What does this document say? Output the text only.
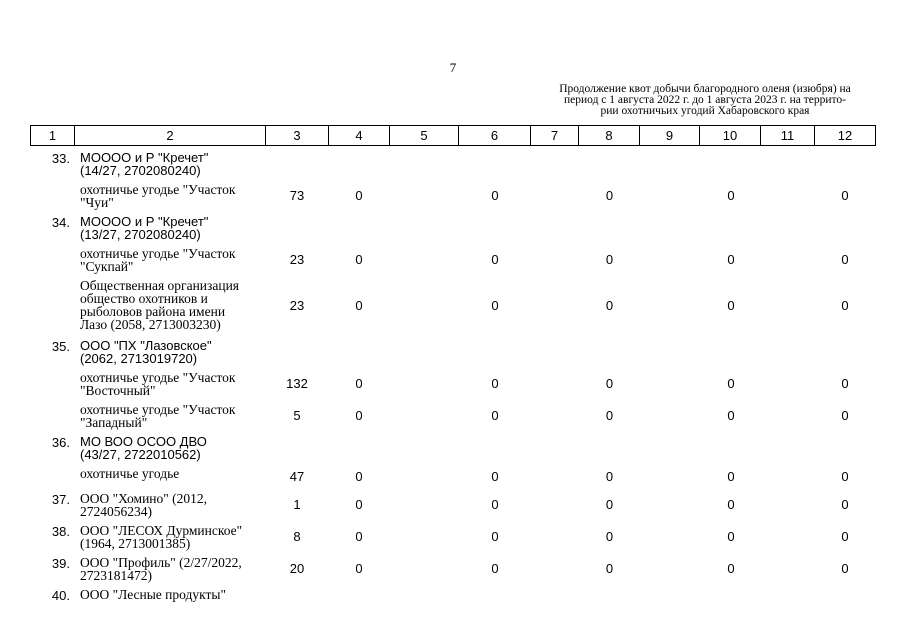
7
Продолжение квот добычи благородного оленя (изюбря) на
период с 1 августа 2022 г. до 1 августа 2023 г. на террито-
рии охотничьих угодий Хабаровского края
1	2	3	4	5	6	7	8	9	10	11	12
33. МОООО и Р "Кречет"
(14/27, 2702080240)
охотничье угодье "Участок
"Чуи"	73	0	0	0	0	0
34. МОООО и Р "Кречет"
(13/27, 2702080240)
охотничье угодье "Участок
"Сукпай"	23	0	0	0	0	0
Общественная организация
общество охотников и
рыболовов района имени
Лазо (2058, 2713003230)
23	0	0	0	0	0
35. ООО "ПХ "Лазовское"
(2062, 2713019720)
охотничье угодье "Участок
"Восточный"	132	0	0	0	0	0
охотничье угодье "Участок
"Западный"	5	0	0	0	0	0
36. МО ВОО ОСОО ДВО
(43/27, 2722010562)
охотничье угодье	47	0	0	0	0	0
37. ООО "Хомино" (2012,
2724056234)	1	0	0	0	0	0
38. ООО "ЛЕСОХ Дурминское"
(1964, 2713001385)	8	0	0	0	0	0
39. ООО "Профиль" (2/27/2022,
2723181472)	20	0	0	0	0	0
40. ООО "Лесные продукты"
